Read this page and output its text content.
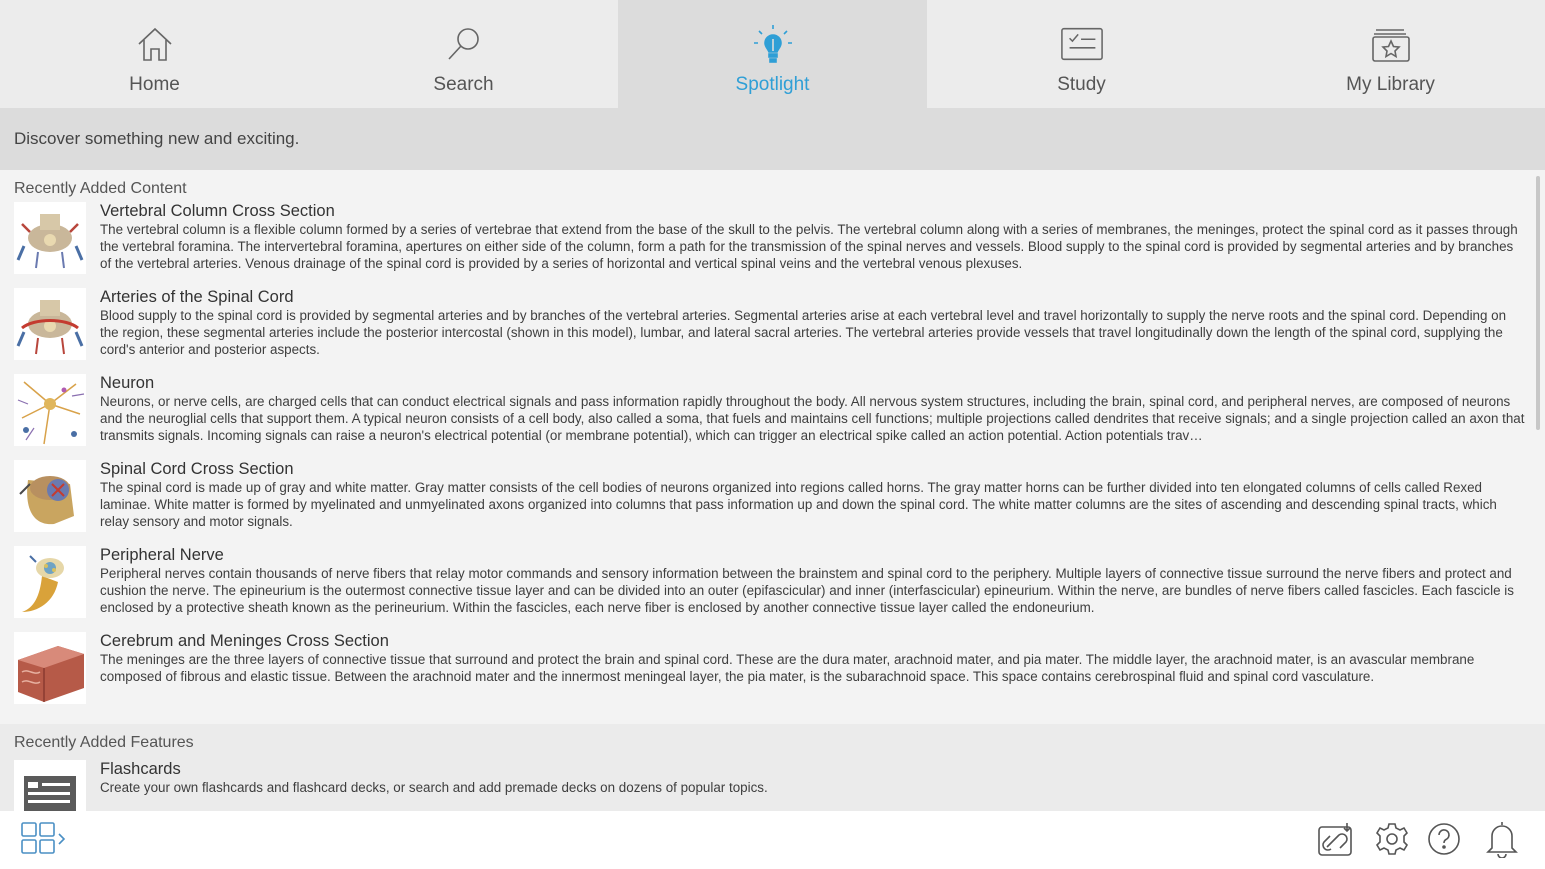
Home	Search	Spotlight	Study	My Library
Discover something new and exciting.
Recently Added Content
Vertebral Column Cross Section
The vertebral column is a flexible column formed by a series of vertebrae that extend from the base of the skull to the pelvis. The vertebral column along with a series of membranes, the meninges, protect the spinal cord as it passes through the vertebral foramina. The intervertebral foramina, apertures on either side of the column, form a path for the transmission of the spinal nerves and vessels. Blood supply to the spinal cord is provided by segmental arteries and by branches of the vertebral arteries. Venous drainage of the spinal cord is provided by a series of horizontal and vertical spinal veins and the vertebral venous plexuses.
Arteries of the Spinal Cord
Blood supply to the spinal cord is provided by segmental arteries and by branches of the vertebral arteries. Segmental arteries arise at each vertebral level and travel horizontally to supply the nerve roots and the spinal cord. Depending on the region, these segmental arteries include the posterior intercostal (shown in this model), lumbar, and lateral sacral arteries. The vertebral arteries provide vessels that travel longitudinally down the length of the spinal cord, supplying the cord's anterior and posterior aspects.
Neuron
Neurons, or nerve cells, are charged cells that can conduct electrical signals and pass information rapidly throughout the body. All nervous system structures, including the brain, spinal cord, and peripheral nerves, are composed of neurons and the neuroglial cells that support them. A typical neuron consists of a cell body, also called a soma, that fuels and maintains cell functions; multiple projections called dendrites that receive signals; and a single projection called an axon that transmits signals. Incoming signals can raise a neuron's electrical potential (or membrane potential), which can trigger an electrical spike called an action potential. Action potentials trav…
Spinal Cord Cross Section
The spinal cord is made up of gray and white matter. Gray matter consists of the cell bodies of neurons organized into regions called horns. The gray matter horns can be further divided into ten elongated columns of cells called Rexed laminae. White matter is formed by myelinated and unmyelinated axons organized into columns that pass information up and down the spinal cord. The white matter columns are the sites of ascending and descending spinal tracts, which relay sensory and motor signals.
Peripheral Nerve
Peripheral nerves contain thousands of nerve fibers that relay motor commands and sensory information between the brainstem and spinal cord to the periphery. Multiple layers of connective tissue surround the nerve fibers and protect and cushion the nerve. The epineurium is the outermost connective tissue layer and can be divided into an outer (epifascicular) and inner (interfascicular) epineurium. Within the nerve, are bundles of nerve fibers called fascicles. Each fascicle is enclosed by a protective sheath known as the perineurium. Within the fascicles, each nerve fiber is enclosed by another connective tissue layer called the endoneurium.
Cerebrum and Meninges Cross Section
The meninges are the three layers of connective tissue that surround and protect the brain and spinal cord. These are the dura mater, arachnoid mater, and pia mater. The middle layer, the arachnoid mater, is an avascular membrane composed of fibrous and elastic tissue. Between the arachnoid mater and the innermost meningeal layer, the pia mater, is the subarachnoid space. This space contains cerebrospinal fluid and spinal cord vasculature.
Recently Added Features
Flashcards
Create your own flashcards and flashcard decks, or search and add premade decks on dozens of popular topics.
